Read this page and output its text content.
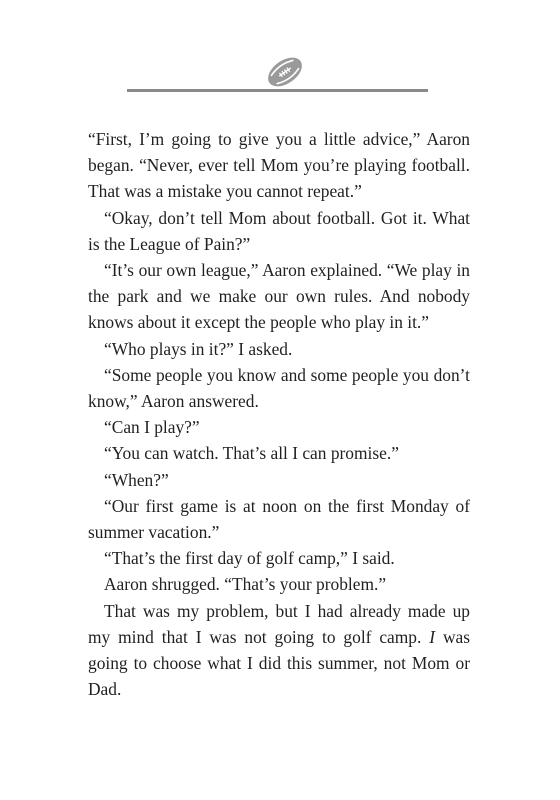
“First, I’m going to give you a little advice,” Aaron began. “Never, ever tell Mom you’re playing football. That was a mistake you cannot repeat.”

“Okay, don’t tell Mom about football. Got it. What is the League of Pain?”

“It’s our own league,” Aaron explained. “We play in the park and we make our own rules. And nobody knows about it except the people who play in it.”

“Who plays in it?” I asked.

“Some people you know and some people you don’t know,” Aaron answered.

“Can I play?”

“You can watch. That’s all I can promise.”

“When?”

“Our first game is at noon on the first Monday of summer vacation.”

“That’s the first day of golf camp,” I said.

Aaron shrugged. “That’s your problem.”

That was my problem, but I had already made up my mind that I was not going to golf camp. I was going to choose what I did this summer, not Mom or Dad.
